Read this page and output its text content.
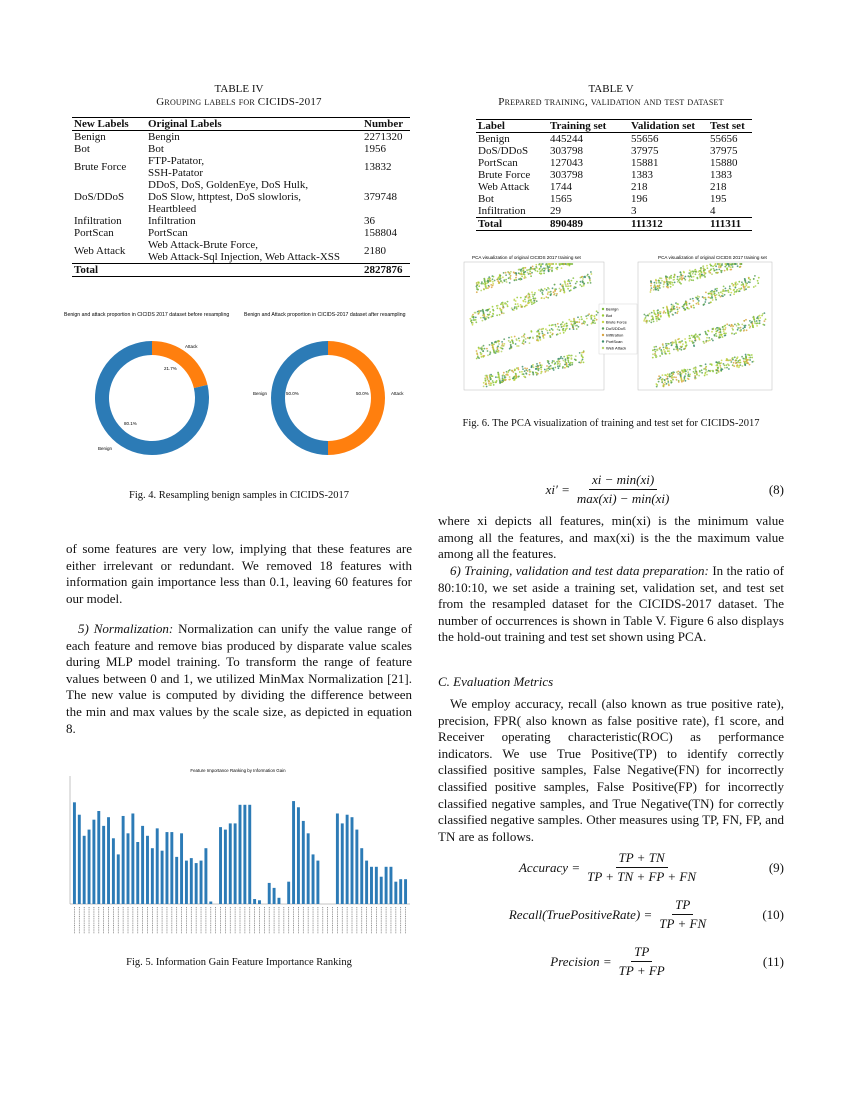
TABLE IV
Grouping labels for CICIDS-2017
New Labels	Original Labels	Number
Benign	Bengin	2271320
Bot	Bot	1956
Brute Force	FTP-Patator,
SSH-Patator	13832
DoS/DDoS	DDoS, DoS, GoldenEye, DoS Hulk,
DoS Slow, httptest, DoS slowloris,
Heartbleed	379748
Infiltration	Infiltration	36
PortScan	PortScan	158804
Web Attack	Web Attack-Brute Force,
Web Attack-Sql Injection, Web Attack-XSS	2180
Total		2827876
TABLE V
Prepared training, validation and test dataset
Label	Training set	Validation set	Test set
Benign	445244	55656	55656
DoS/DDoS	303798	37975	37975
PortScan	127043	15881	15880
Brute Force	303798	1383	1383
Web Attack	1744	218	218
Bot	1565	196	195
Infiltration	29	3	4
Total	890489	111312	111311
Benign and attack proportion in CICIDS 2017 dataset before resampling	Benign and Attack proportion in CICIDS-2017 dataset after resampling
Attack
21.7%
80.1%
Benign
Benign	50.0%	50.0%	Attack
Fig. 4. Resampling benign samples in CICIDS-2017
PCA visualization of original CICIDS 2017 training set	PCA visualization of original CICIDS 2017 training set
Benign
Bot
Brute Force
DoS/DDoS
Infiltration
PortScan
Web Attack
Fig. 6. The PCA visualization of training and test set for CICIDS-2017
$xi' = \frac{xi - \min(xi)}{\max(xi) - \min(xi)}$	(8)
where xi depicts all features, min(xi) is the minimum value among all the features, and max(xi) is the the maximum value among all the features.
6) Training, validation and test data preparation: In the ratio of 80:10:10, we set aside a training set, validation set, and test set from the resampled dataset for the CICIDS-2017 dataset. The number of occurrences is shown in Table V. Figure 6 also displays the hold-out training and test set shown using PCA.
C. Evaluation Metrics
We employ accuracy, recall (also known as true positive rate), precision, FPR( also known as false positive rate), f1 score, and Receiver operating characteristic(ROC) as performance indicators. We use True Positive(TP) to identify correctly classified positive samples, False Negative(FN) for incorrectly classified positive samples, False Positive(FP) for incorrectly classified negative samples, and True Negative(TN) for correctly classified negative samples. Other measures using TP, FN, FP, and TN are as follows.
Accuracy = $\frac{TP + TN}{TP + TN + FP + FN}$	(9)
Recall(TruePositiveRate) = $\frac{TP}{TP + FN}$	(10)
Precision = $\frac{TP}{TP + FP}$	(11)
of some features are very low, implying that these features are either irrelevant or redundant. We removed 18 features with information gain importance less than 0.1, leaving 60 features for our model.
5) Normalization: Normalization can unify the value range of each feature and remove bias produced by disparate value scales during MLP model training. To transform the range of feature values between 0 and 1, we utilized MinMax Normalization [21]. The new value is computed by dividing the difference between the min and max values by the scale size, as depicted in equation 8.
Feature Importance Ranking by Information Gain
Fig. 5. Information Gain Feature Importance Ranking
